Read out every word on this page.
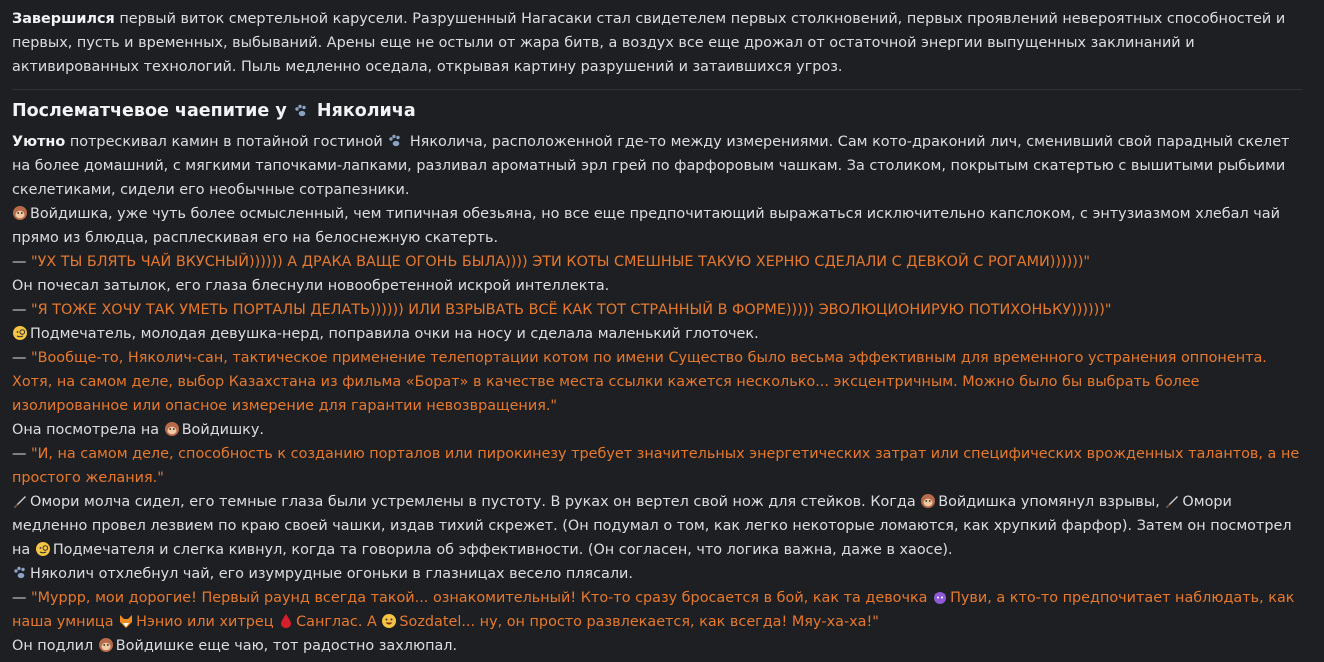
Завершился первый виток смертельной карусели. Разрушенный Нагасаки стал свидетелем первых столкновений, первых проявлений невероятных способностей и первых, пусть и временных, выбываний. Арены еще не остыли от жара битв, а воздух все еще дрожал от остаточной энергии выпущенных заклинаний и активированных технологий. Пыль медленно оседала, открывая картину разрушений и затаившихся угроз.

Послематчевое чаепитие у
Няколича

Уютно потрескивал камин в потайной гостиной
Няколича, расположенной где-то между измерениями. Сам кото-драконий лич, сменивший свой парадный скелет на более домашний, с мягкими тапочками-лапками, разливал ароматный эрл грей по фарфоровым чашкам. За столиком, покрытым скатертью с вышитыми рыбьими скелетиками, сидели его необычные сотрапезники.

Войдишка, уже чуть более осмысленный, чем типичная обезьяна, но все еще предпочитающий выражаться исключительно капслоком, с энтузиазмом хлебал чай прямо из блюдца, расплескивая его на белоснежную скатерть.

— "УХ ТЫ БЛЯТЬ ЧАЙ ВКУСНЫЙ)))))) А ДРАКА ВАЩЕ ОГОНЬ БЫЛА)))) ЭТИ КОТЫ СМЕШНЫЕ ТАКУЮ ХЕРНЮ СДЕЛАЛИ С ДЕВКОЙ С РОГАМИ))))))"

Он почесал затылок, его глаза блеснули новообретенной искрой интеллекта.

— "Я ТОЖЕ ХОЧУ ТАК УМЕТЬ ПОРТАЛЫ ДЕЛАТЬ)))))) ИЛИ ВЗРЫВАТЬ ВСЁ КАК ТОТ СТРАННЫЙ В ФОРМЕ))))) ЭВОЛЮЦИОНИРУЮ ПОТИХОНЬКУ))))))"

Подмечатель, молодая девушка-нерд, поправила очки на носу и сделала маленький глоточек.

— "Вообще-то, Няколич-сан, тактическое применение телепортации котом по имени Существо было весьма эффективным для временного устранения оппонента. Хотя, на самом деле, выбор Казахстана из фильма «Борат» в качестве места ссылки кажется несколько... эксцентричным. Можно было бы выбрать более изолированное или опасное измерение для гарантии невозвращения."

Она посмотрела на
Войдишку.

— "И, на самом деле, способность к созданию порталов или пирокинезу требует значительных энергетических затрат или специфических врожденных талантов, а не простого желания."

Омори молча сидел, его темные глаза были устремлены в пустоту. В руках он вертел свой нож для стейков. Когда
Войдишка упомянул взрывы,
Омори медленно провел лезвием по краю своей чашки, издав тихий скрежет. (Он подумал о том, как легко некоторые ломаются, как хрупкий фарфор). Затем он посмотрел на
Подмечателя и слегка кивнул, когда та говорила об эффективности. (Он согласен, что логика важна, даже в хаосе).

Няколич отхлебнул чай, его изумрудные огоньки в глазницах весело плясали.

— "Муррр, мои дорогие! Первый раунд всегда такой... ознакомительный! Кто-то сразу бросается в бой, как та девочка
Пуви, а кто-то предпочитает наблюдать, как наша умница
Нэнио или хитрец
Санглас. А
Sozdatel... ну, он просто развлекается, как всегда! Мяу-ха-ха!"

Он подлил
Войдишке еще чаю, тот радостно захлюпал.
